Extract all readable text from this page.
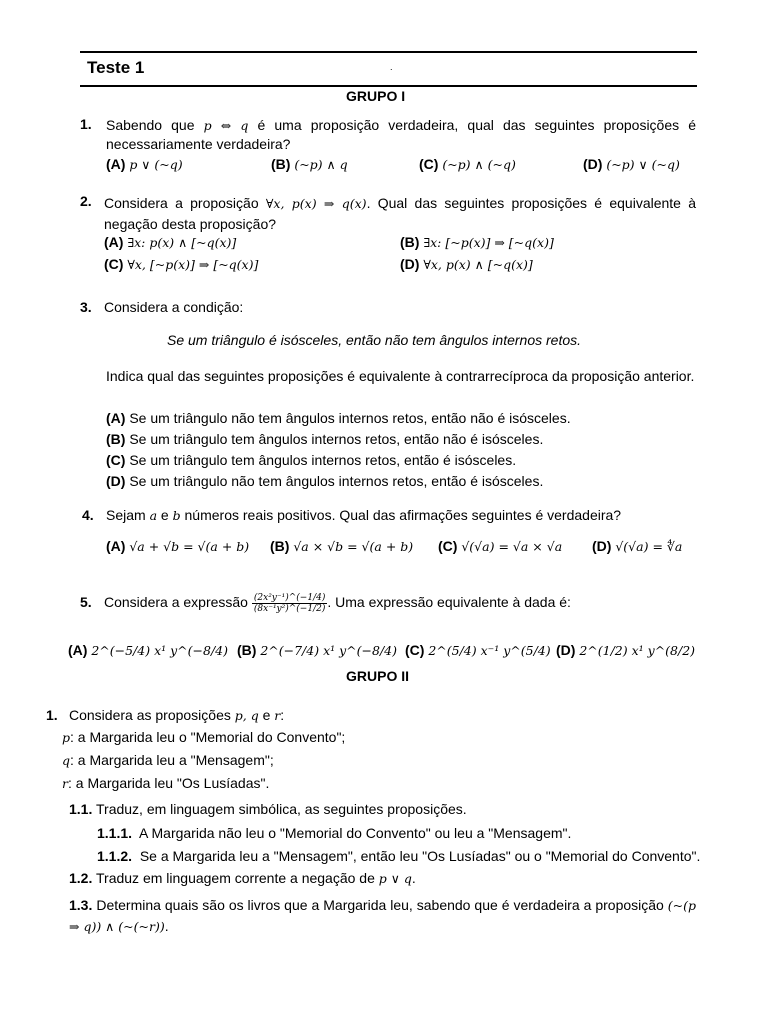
Teste 1	.
GRUPO I
1. Sabendo que p ⇔ q é uma proposição verdadeira, qual das seguintes proposições é necessariamente verdadeira?
(A) p ∨ (~q)	(B) (~p) ∧ q	(C) (~p) ∧ (~q)	(D) (~p) ∨ (~q)
2. Considera a proposição ∀x, p(x) ⇒ q(x). Qual das seguintes proposições é equivalente à negação desta proposição?
(A) ∃x: p(x) ∧ [~q(x)]	(B) ∃x: [~p(x)] ⇒ [~q(x)]
(C) ∀x, [~p(x)] ⇒ [~q(x)]	(D) ∀x, p(x) ∧ [~q(x)]
3. Considera a condição:
Se um triângulo é isósceles, então não tem ângulos internos retos.
Indica qual das seguintes proposições é equivalente à contrarrecíproca da proposição anterior.
(A) Se um triângulo não tem ângulos internos retos, então não é isósceles.
(B) Se um triângulo tem ângulos internos retos, então não é isósceles.
(C) Se um triângulo tem ângulos internos retos, então é isósceles.
(D) Se um triângulo não tem ângulos internos retos, então é isósceles.
4. Sejam a e b números reais positivos. Qual das afirmações seguintes é verdadeira?
(A) √a + √b = √(a + b) (B) √a × √b = √(a + b) (C) √(√a) = √a × √a (D) √(√a) = ∜a
5. Considera a expressão $\frac{\text{(2x²y⁻¹)\textasciicircum{}(−1/4)}}{\text{(8x⁻¹y²)\textasciicircum{}(−1/2)}}$ . Uma expressão equivalente à dada é:
(A) 2^(−5/4) x¹ y^(−8/4) (B) 2^(−7/4) x¹ y^(−8/4) (C) 2^(5/4) x⁻¹ y^(5/4) (D) 2^(1/2) x¹ y^(8/2)
GRUPO II
1. Considera as proposições p, q e r:
p: a Margarida leu o "Memorial do Convento";
q: a Margarida leu a "Mensagem";
r: a Margarida leu "Os Lusíadas".
1.1. Traduz, em linguagem simbólica, as seguintes proposições.
1.1.1. A Margarida não leu o "Memorial do Convento" ou leu a "Mensagem".
1.1.2. Se a Margarida leu a "Mensagem", então leu "Os Lusíadas" ou o "Memorial do Convento".
1.2. Traduz em linguagem corrente a negação de p ∨ q.
1.3. Determina quais são os livros que a Margarida leu, sabendo que é verdadeira a proposição (~(p ⇒ q)) ∧ (~(~r)).
